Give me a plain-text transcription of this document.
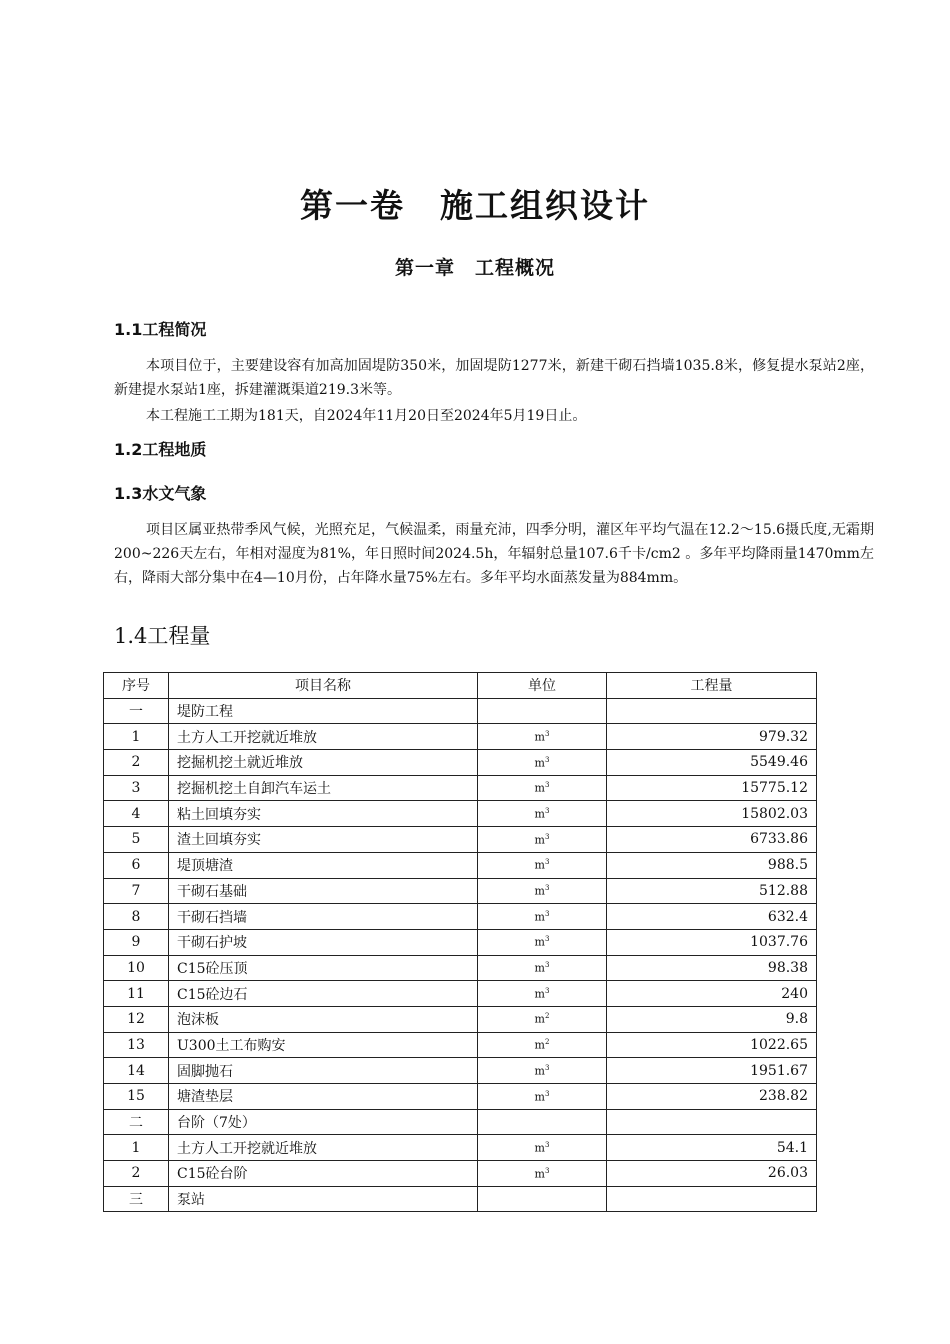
第一卷　施工组织设计
第一章　工程概况
1.1工程简况
本项目位于，主要建设容有加高加固堤防350米，加固堤防1277米，新建干砌石挡墙1035.8米，修复提水泵站2座，新建提水泵站1座，拆建灌溉渠道219.3米等。
本工程施工工期为181天，自2024年11月20日至2024年5月19日止。
1.2工程地质
1.3水文气象
项目区属亚热带季风气候，光照充足，气候温柔，雨量充沛，四季分明，灌区年平均气温在12.2～15.6摄氏度,无霜期200~226天左右，年相对湿度为81%，年日照时间2024.5h，年辐射总量107.6千卡/cm2 。多年平均降雨量1470mm左右，降雨大部分集中在4—10月份，占年降水量75%左右。多年平均水面蒸发量为884mm。
1.4工程量
序号	项目名称	单位	工程量
一	堤防工程		
1	土方人工开挖就近堆放	$m^3$	979.32
2	挖掘机挖土就近堆放	$m^3$	5549.46
3	挖掘机挖土自卸汽车运土	$m^3$	15775.12
4	粘土回填夯实	$m^3$	15802.03
5	渣土回填夯实	$m^3$	6733.86
6	堤顶塘渣	$m^3$	988.5
7	干砌石基础	$m^3$	512.88
8	干砌石挡墙	$m^3$	632.4
9	干砌石护坡	$m^3$	1037.76
10	C15砼压顶	$m^3$	98.38
11	C15砼边石	$m^3$	240
12	泡沫板	$m^2$	9.8
13	U300土工布购安	$m^2$	1022.65
14	固脚抛石	$m^3$	1951.67
15	塘渣垫层	$m^3$	238.82
二	台阶（7处）		
1	土方人工开挖就近堆放	$m^3$	54.1
2	C15砼台阶	$m^3$	26.03
三	泵站		
